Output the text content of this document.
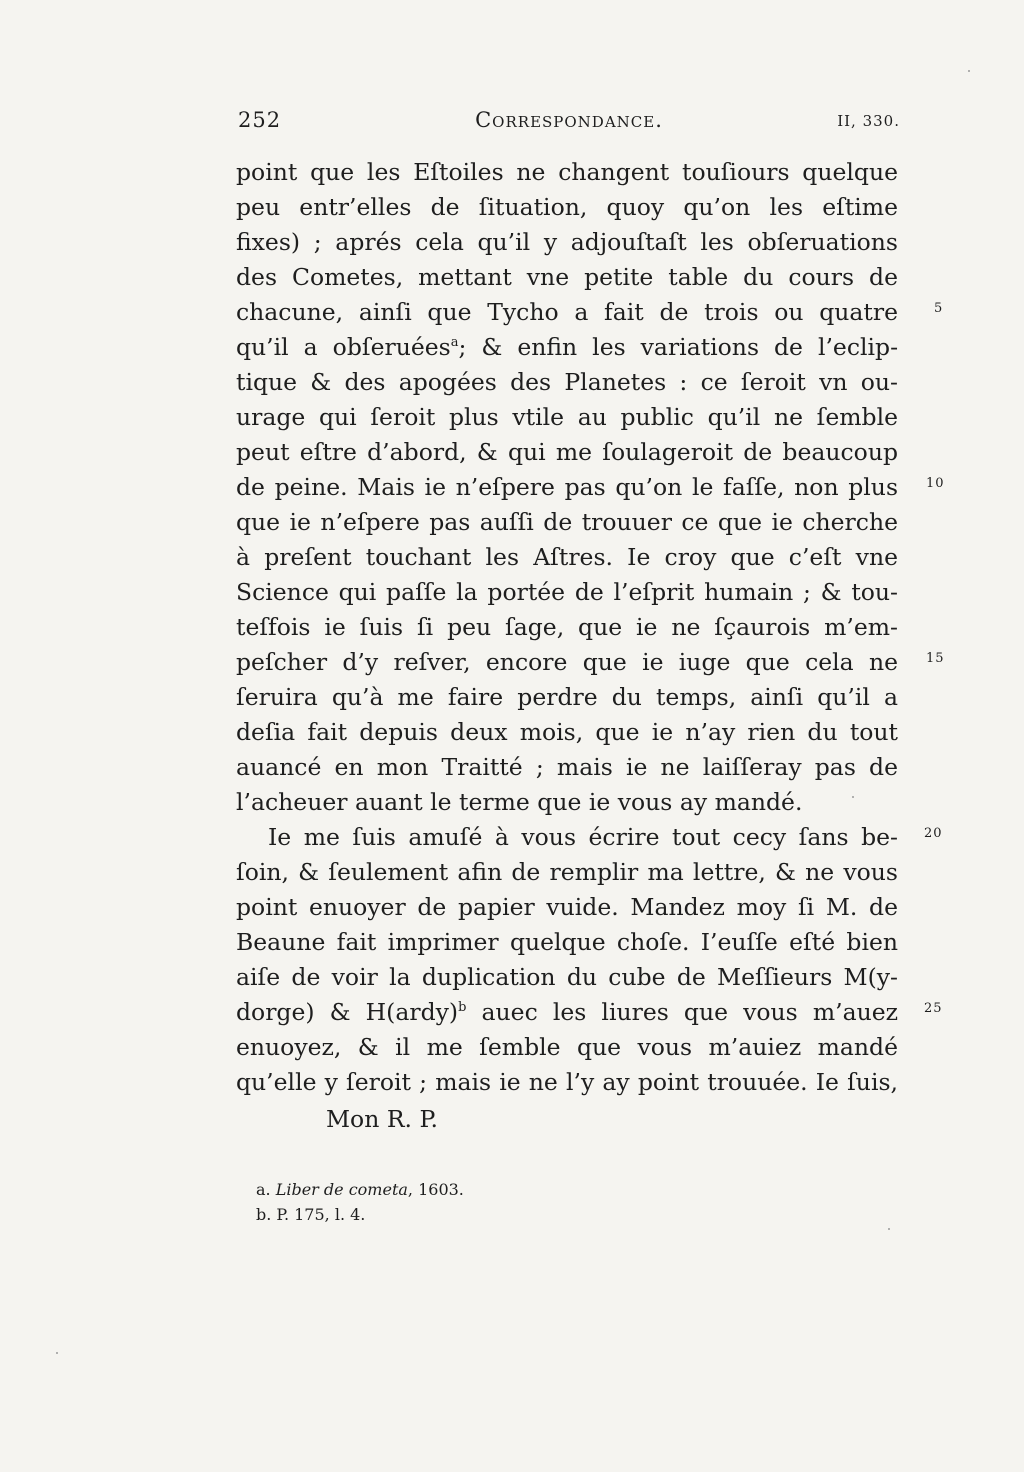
252	Correspondance.	II, 330.
point que les Eſtoiles ne changent touſiours quelque
peu entr’elles de ſituation, quoy qu’on les eſtime
fixes) ; aprés cela qu’il y adjouſtaſt les obſeruations
des Cometes, mettant vne petite table du cours de
chacune, ainſi que Tycho a fait de trois ou quatre
qu’il a obſeruées$^a$; & enfin les variations de l’eclip-
tique & des apogées des Planetes : ce ſeroit vn ou-
urage qui ſeroit plus vtile au public qu’il ne ſemble
peut eſtre d’abord, & qui me ſoulageroit de beaucoup
de peine. Mais ie n’eſpere pas qu’on le faſſe, non plus
que ie n’eſpere pas auſſi de trouuer ce que ie cherche
à preſent touchant les Aſtres. Ie croy que c’eſt vne
Science qui paſſe la portée de l’eſprit humain ; & tou-
teſfois ie ſuis ſi peu ſage, que ie ne ſçaurois m’em-
peſcher d’y reſver, encore que ie iuge que cela ne
ſeruira qu’à me faire perdre du temps, ainſi qu’il a
deſia fait depuis deux mois, que ie n’ay rien du tout
auancé en mon Traitté ; mais ie ne laiſſeray pas de
l’acheuer auant le terme que ie vous ay mandé.
Ie me ſuis amuſé à vous écrire tout cecy ſans be-
ſoin, & ſeulement afin de remplir ma lettre, & ne vous
point enuoyer de papier vuide. Mandez moy ſi M. de
Beaune fait imprimer quelque choſe. I’euſſe eſté bien
aiſe de voir la duplication du cube de Meſſieurs M(y-
dorge) & H(ardy)$^b$ auec les liures que vous m’auez
enuoyez, & il me ſemble que vous m’auiez mandé
qu’elle y ſeroit ; mais ie ne l’y ay point trouuée. Ie ſuis,
Mon R. P.
5
10
15
20
25
a. Liber de cometa, 1603.
b. P. 175, l. 4.
